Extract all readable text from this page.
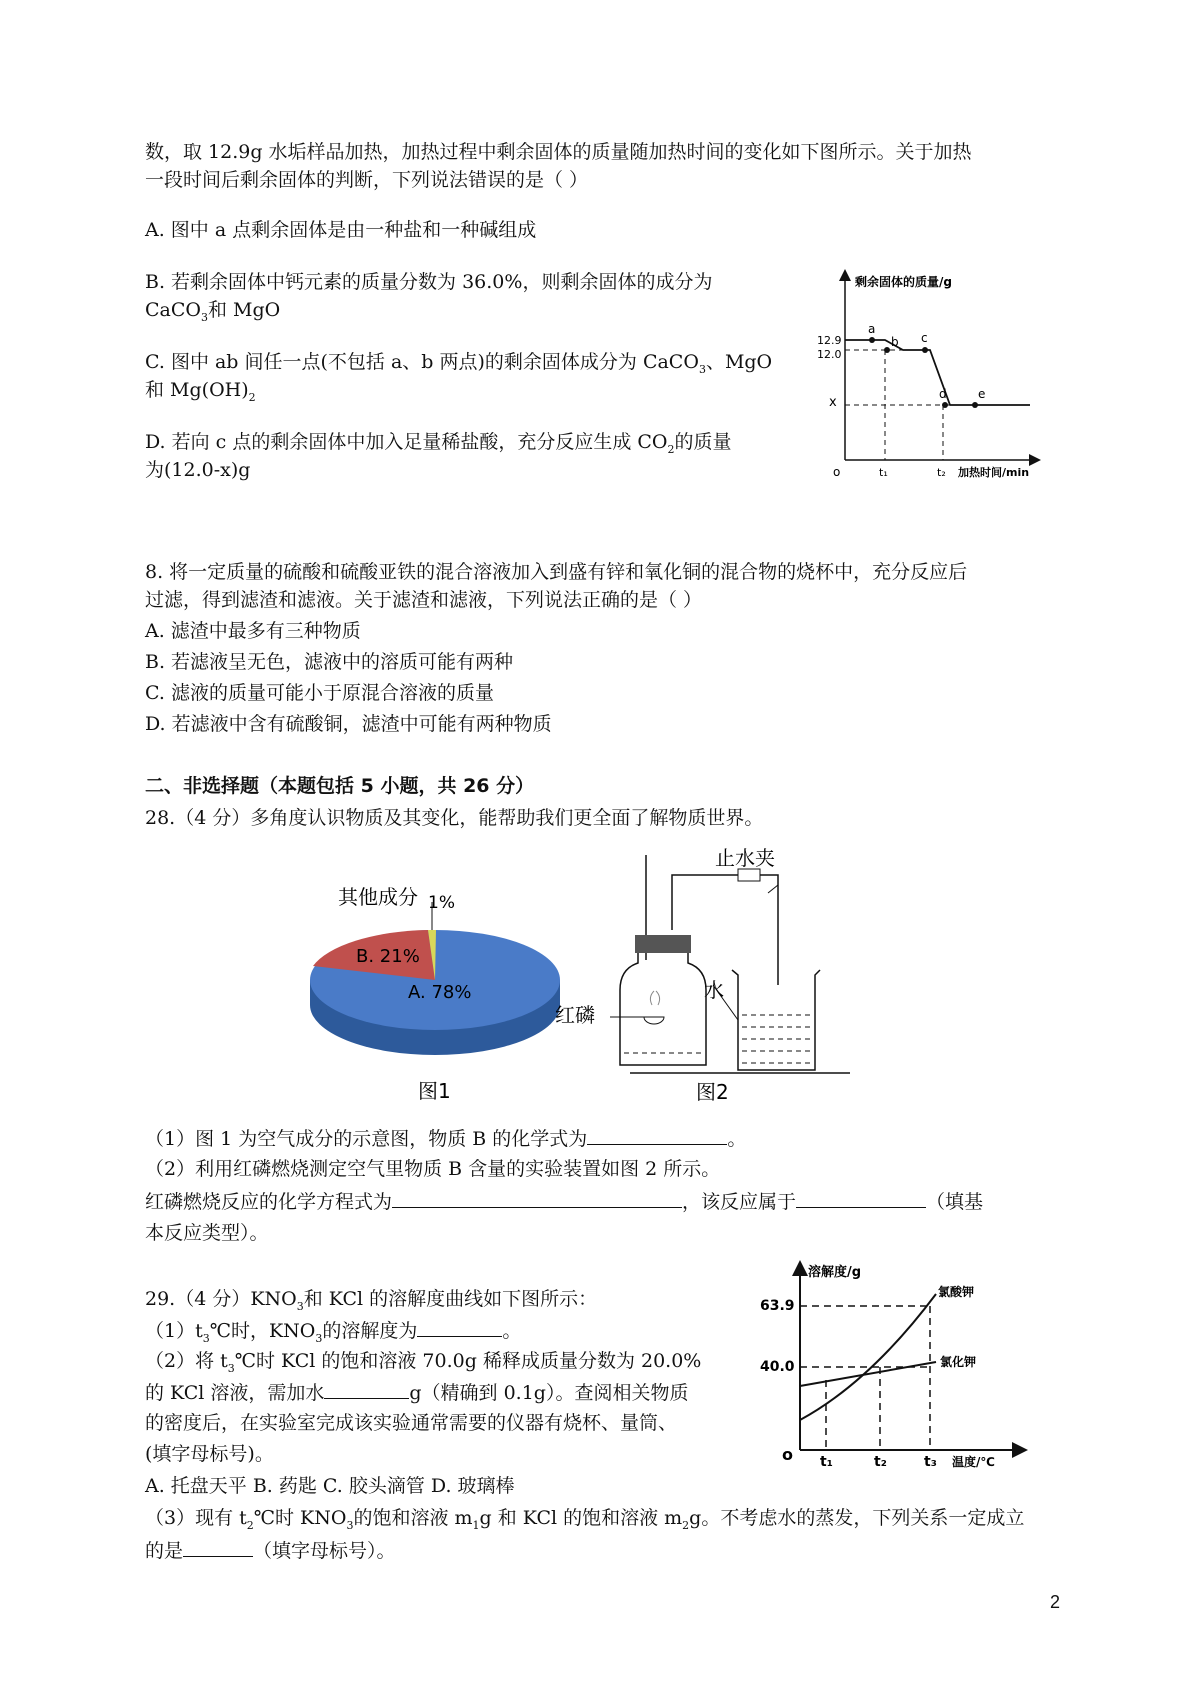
数，取 12.9g 水垢样品加热，加热过程中剩余固体的质量随加热时间的变化如下图所示。关于加热
一段时间后剩余固体的判断，下列说法错误的是（ ）
A. 图中 a 点剩余固体是由一种盐和一种碱组成
B. 若剩余固体中钙元素的质量分数为 36.0%，则剩余固体的成分为
CaCO$_3$和 MgO
C. 图中 ab 间任一点(不包括 a、b 两点)的剩余固体成分为 CaCO$_3$、MgO
和 $Mg(OH)_2$
D. 若向 c 点的剩余固体中加入足量稀盐酸，充分反应生成 $CO_2$的质量
为(12.0-x)g
剩余固体的质量/g
加热时间/min
o
12.9
12.0
x
t₁	t₂
a
b c
d	e
8. 将一定质量的硫酸和硫酸亚铁的混合溶液加入到盛有锌和氧化铜的混合物的烧杯中，充分反应后
过滤，得到滤渣和滤液。关于滤渣和滤液，下列说法正确的是（ ）
A. 滤渣中最多有三种物质
B. 若滤液呈无色，滤液中的溶质可能有两种
C. 滤液的质量可能小于原混合溶液的质量
D. 若滤液中含有硫酸铜，滤渣中可能有两种物质
二、非选择题（本题包括 5 小题，共 26 分）
28.（4 分）多角度认识物质及其变化，能帮助我们更全面了解物质世界。
其他成分 1%
B. 21%
A. 78%
图1
止水夹
红磷
水
图2
（1）图 1 为空气成分的示意图，物质 B 的化学式为	。
（2）利用红磷燃烧测定空气里物质 B 含量的实验装置如图 2 所示。
红磷燃烧反应的化学方程式为	，该反应属于	（填基
本反应类型）。
29.（4 分）$KNO_3$和 KCl 的溶解度曲线如下图所示：
$(1)t_3℃$时，$KNO_3$的溶解度为	。
（2）将 $t_3℃$时 KCl 的饱和溶液 70.0g 稀释成质量分数为 20.0%
的 KCl 溶液，需加水	g（精确到 0.1g）。查阅相关物质
的密度后，在实验室完成该实验通常需要的仪器有烧杯、量筒、
(填字母标号)。
A. 托盘天平 B. 药匙 C. 胶头滴管 D. 玻璃棒
（3）现有 $t_2℃$时 $KNO_3$的饱和溶液 $m_1g$ 和 KCl 的饱和溶液 $m_2g$。不考虑水的蒸发，下列关系一定成立
的是	（填字母标号）。
溶解度/g
温度/℃
o
63.9
40.0
t₁	t₂	t₃
氯酸钾
氯化钾
2
